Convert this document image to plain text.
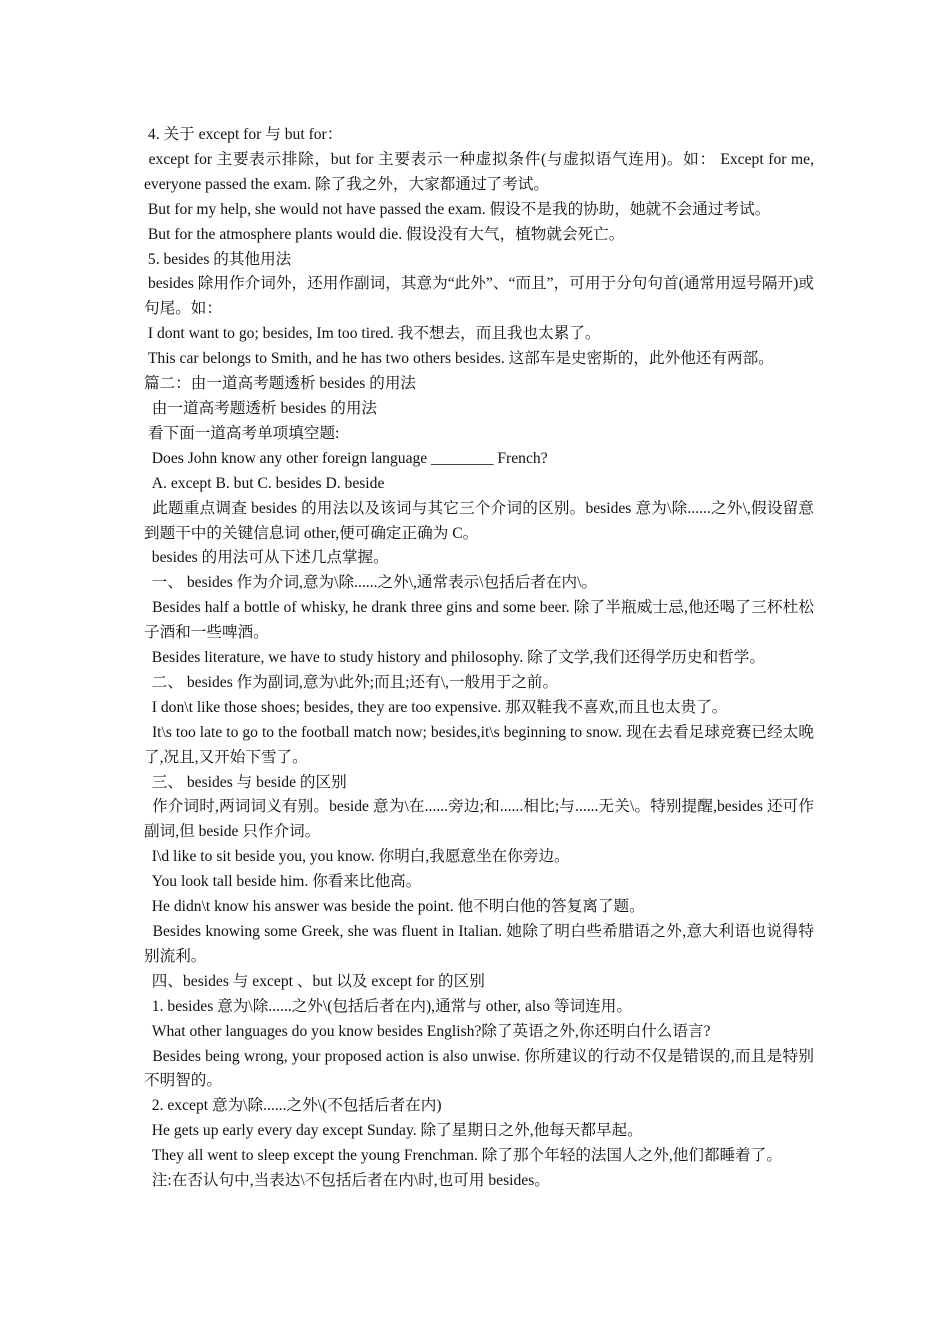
4. 关于 except for 与 but for：

except for 主要表示排除，but for 主要表示一种虚拟条件(与虚拟语气连用)。如： Except for me, everyone passed the exam. 除了我之外，大家都通过了考试。

But for my help, she would not have passed the exam. 假设不是我的协助，她就不会通过考试。

But for the atmosphere plants would die. 假设没有大气，植物就会死亡。

5. besides 的其他用法

besides 除用作介词外，还用作副词，其意为“此外”、“而且”，可用于分句句首(通常用逗号隔开)或句尾。如：

I dont want to go; besides, Im too tired. 我不想去，而且我也太累了。

This car belongs to Smith, and he has two others besides. 这部车是史密斯的，此外他还有两部。

篇二：由一道高考题透析 besides 的用法

由一道高考题透析 besides 的用法

看下面一道高考单项填空题:

Does John know any other foreign language ________ French?

A. except B. but C. besides D. beside

此题重点调查 besides 的用法以及该词与其它三个介词的区别。besides 意为\除......之外\,假设留意到题干中的关键信息词 other,便可确定正确为 C。

besides 的用法可从下述几点掌握。

一、 besides 作为介词,意为\除......之外\,通常表示\包括后者在内\。

Besides half a bottle of whisky, he drank three gins and some beer. 除了半瓶威士忌,他还喝了三杯杜松子酒和一些啤酒。

Besides literature, we have to study history and philosophy. 除了文学,我们还得学历史和哲学。

二、 besides 作为副词,意为\此外;而且;还有\,一般用于之前。

I don\t like those shoes; besides, they are too expensive. 那双鞋我不喜欢,而且也太贵了。

It\s too late to go to the football match now; besides,it\s beginning to snow. 现在去看足球竞赛已经太晚了,况且,又开始下雪了。

三、 besides 与 beside 的区别

作介词时,两词词义有别。beside 意为\在......旁边;和......相比;与......无关\。特别提醒,besides 还可作副词,但 beside 只作介词。

I\d like to sit beside you, you know. 你明白,我愿意坐在你旁边。

You look tall beside him. 你看来比他高。

He didn\t know his answer was beside the point. 他不明白他的答复离了题。

Besides knowing some Greek, she was fluent in Italian. 她除了明白些希腊语之外,意大利语也说得特别流利。

四、besides 与 except 、but 以及 except for 的区别

1. besides 意为\除......之外\(包括后者在内),通常与 other, also 等词连用。

What other languages do you know besides English?除了英语之外,你还明白什么语言?

Besides being wrong, your proposed action is also unwise. 你所建议的行动不仅是错误的,而且是特别不明智的。

2. except 意为\除......之外\(不包括后者在内)

He gets up early every day except Sunday. 除了星期日之外,他每天都早起。

They all went to sleep except the young Frenchman. 除了那个年轻的法国人之外,他们都睡着了。

注:在否认句中,当表达\不包括后者在内\时,也可用 besides。
